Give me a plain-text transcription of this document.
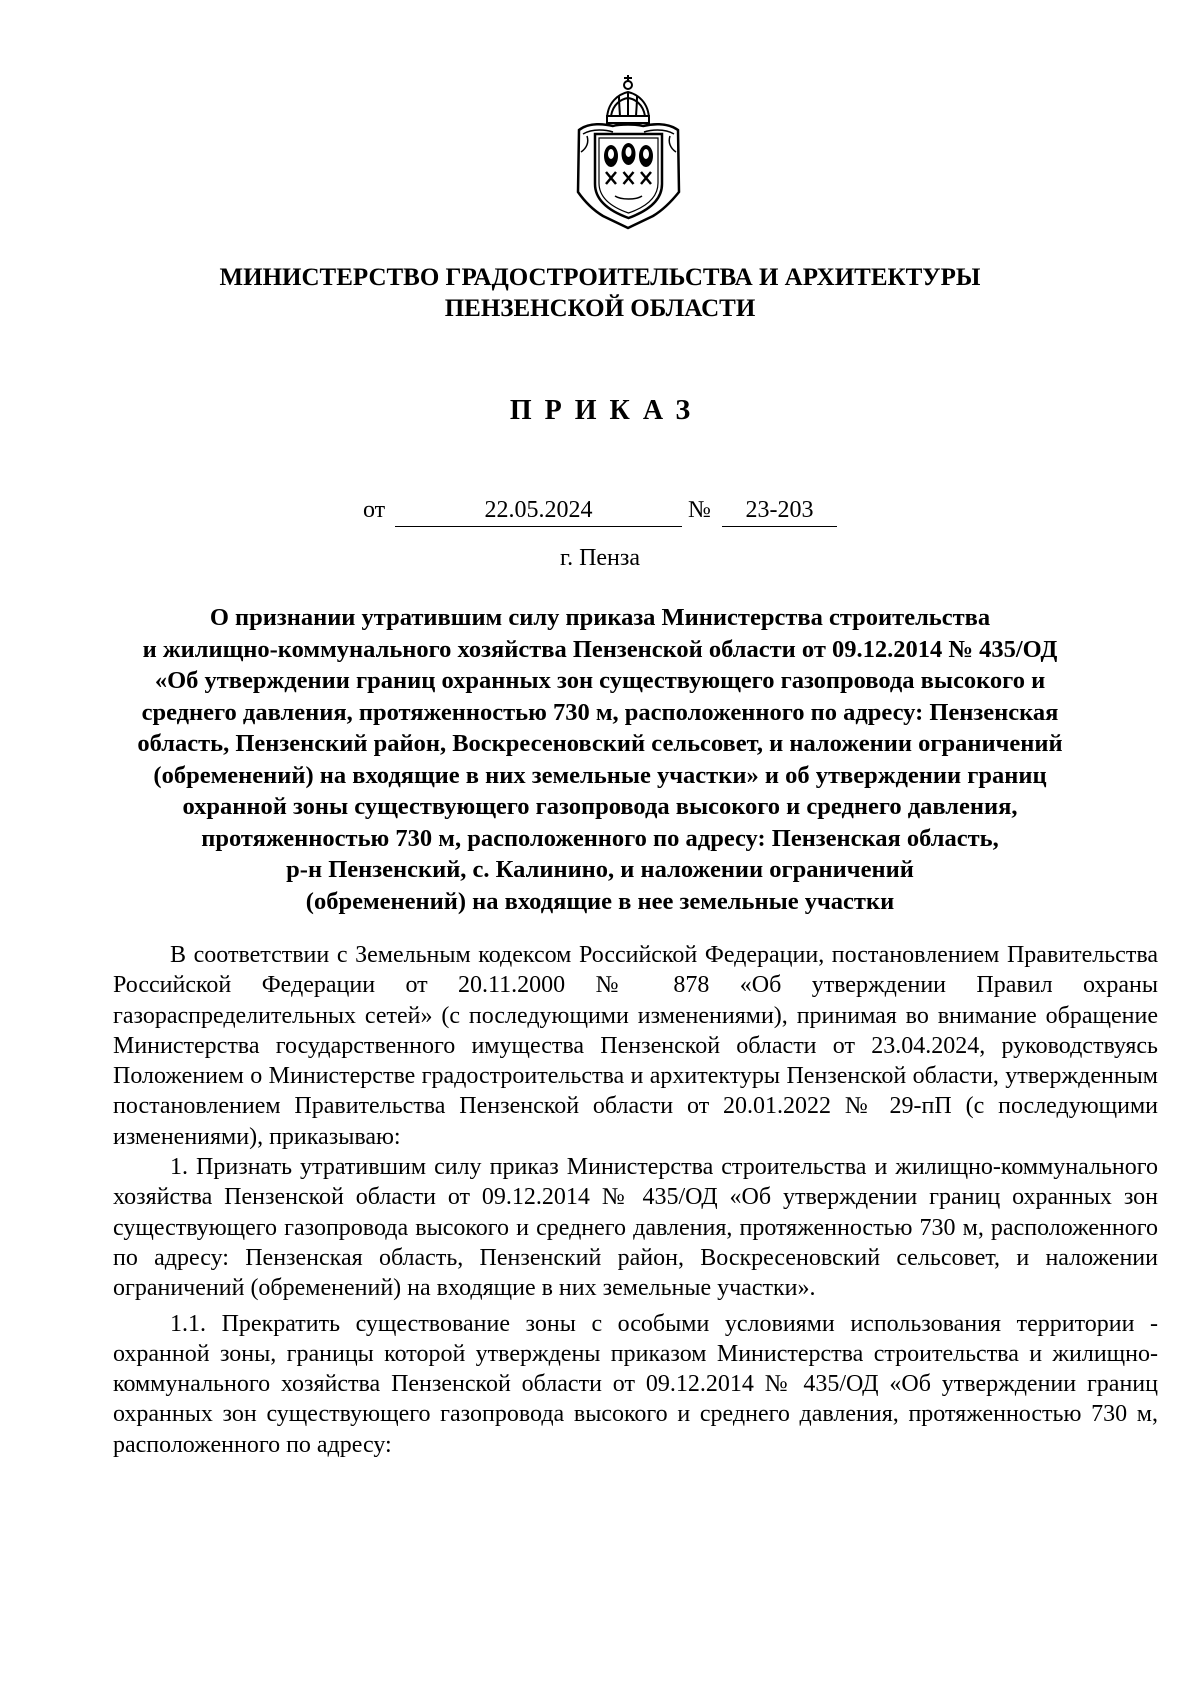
МИНИСТЕРСТВО ГРАДОСТРОИТЕЛЬСТВА И АРХИТЕКТУРЫ
ПЕНЗЕНСКОЙ ОБЛАСТИ
ПРИКАЗ
от	22.05.2024	№	23-203
г. Пенза
О признании утратившим силу приказа Министерства строительства
и жилищно-коммунального хозяйства Пензенской области от 09.12.2014 № 435/ОД
«Об утверждении границ охранных зон существующего газопровода высокого и
среднего давления, протяженностью 730 м, расположенного по адресу: Пензенская
область, Пензенский район, Воскресеновский сельсовет, и наложении ограничений
(обременений) на входящие в них земельные участки» и об утверждении границ
охранной зоны существующего газопровода высокого и среднего давления,
протяженностью 730 м, расположенного по адресу: Пензенская область,
р-н Пензенский, с. Калинино, и наложении ограничений
(обременений) на входящие в нее земельные участки

В соответствии с Земельным кодексом Российской Федерации, постановлением Правительства Российской Федерации от 20.11.2000 № 878 «Об утверждении Правил охраны газораспределительных сетей» (с последующими изменениями), принимая во внимание обращение Министерства государственного имущества Пензенской области от 23.04.2024, руководствуясь Положением о Министерстве градостроительства и архитектуры Пензенской области, утвержденным постановлением Правительства Пензенской области от 20.01.2022 № 29-пП (с последующими изменениями), приказываю:

1. Признать утратившим силу приказ Министерства строительства и жилищно-коммунального хозяйства Пензенской области от 09.12.2014 № 435/ОД «Об утверждении границ охранных зон существующего газопровода высокого и среднего давления, протяженностью 730 м, расположенного по адресу: Пензенская область, Пензенский район, Воскресеновский сельсовет, и наложении ограничений (обременений) на входящие в них земельные участки».

1.1. Прекратить существование зоны с особыми условиями использования территории - охранной зоны, границы которой утверждены приказом Министерства строительства и жилищно-коммунального хозяйства Пензенской области от 09.12.2014 № 435/ОД «Об утверждении границ охранных зон существующего газопровода высокого и среднего давления, протяженностью 730 м, расположенного по адресу:
